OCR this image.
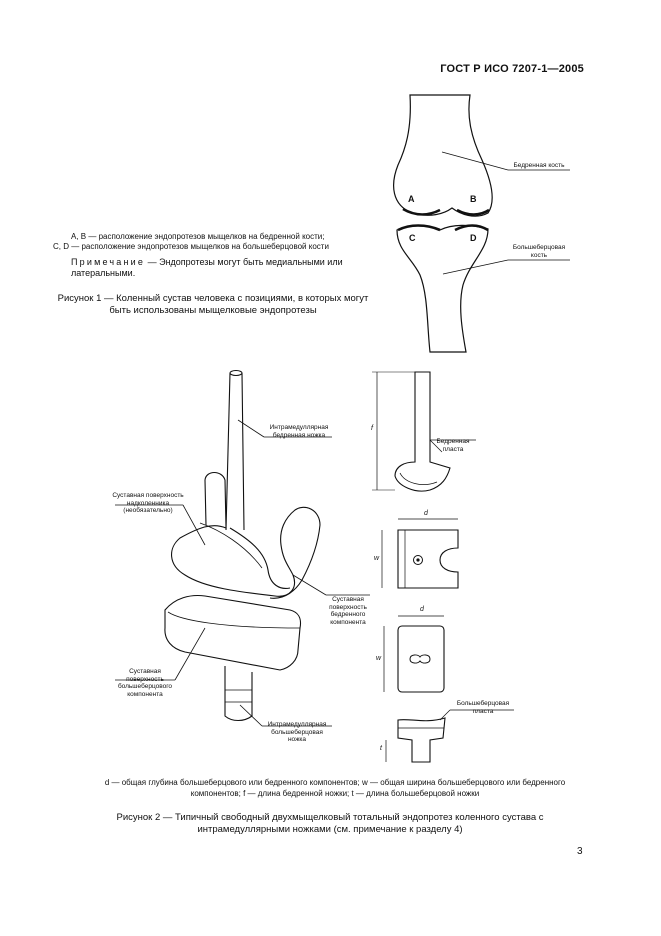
ГОСТ Р ИСО 7207-1—2005
A	B
C	D
Бедренная кость
Большеберцовая кость
A, B — расположение эндопротезов мыщелков на бедренной кости;
C, D — расположение эндопротезов мыщелков на большеберцовой кости
Примечание — Эндопротезы могут быть медиальными или латеральными.
Рисунок 1 — Коленный сустав человека с позициями, в которых могут быть использованы мыщелковые эндопротезы
Интрамедуллярная бедренная ножка
Суставная поверхность надколенника (необязательно)
Суставная поверхность бедренного компонента
Суставная поверхность большеберцового компонента
Интрамедуллярная большеберцовая ножка
Бедренная пласта
Большеберцовая пласта
f
d
w
d
w
t
d — общая глубина большеберцового или бедренного компонентов; w — общая ширина большеберцового или бедренного компонентов; f — длина бедренной ножки; t — длина большеберцовой ножки
Рисунок 2 — Типичный свободный двухмыщелковый тотальный эндопротез коленного сустава с интрамедуллярными ножками (см. примечание к разделу 4)
3
